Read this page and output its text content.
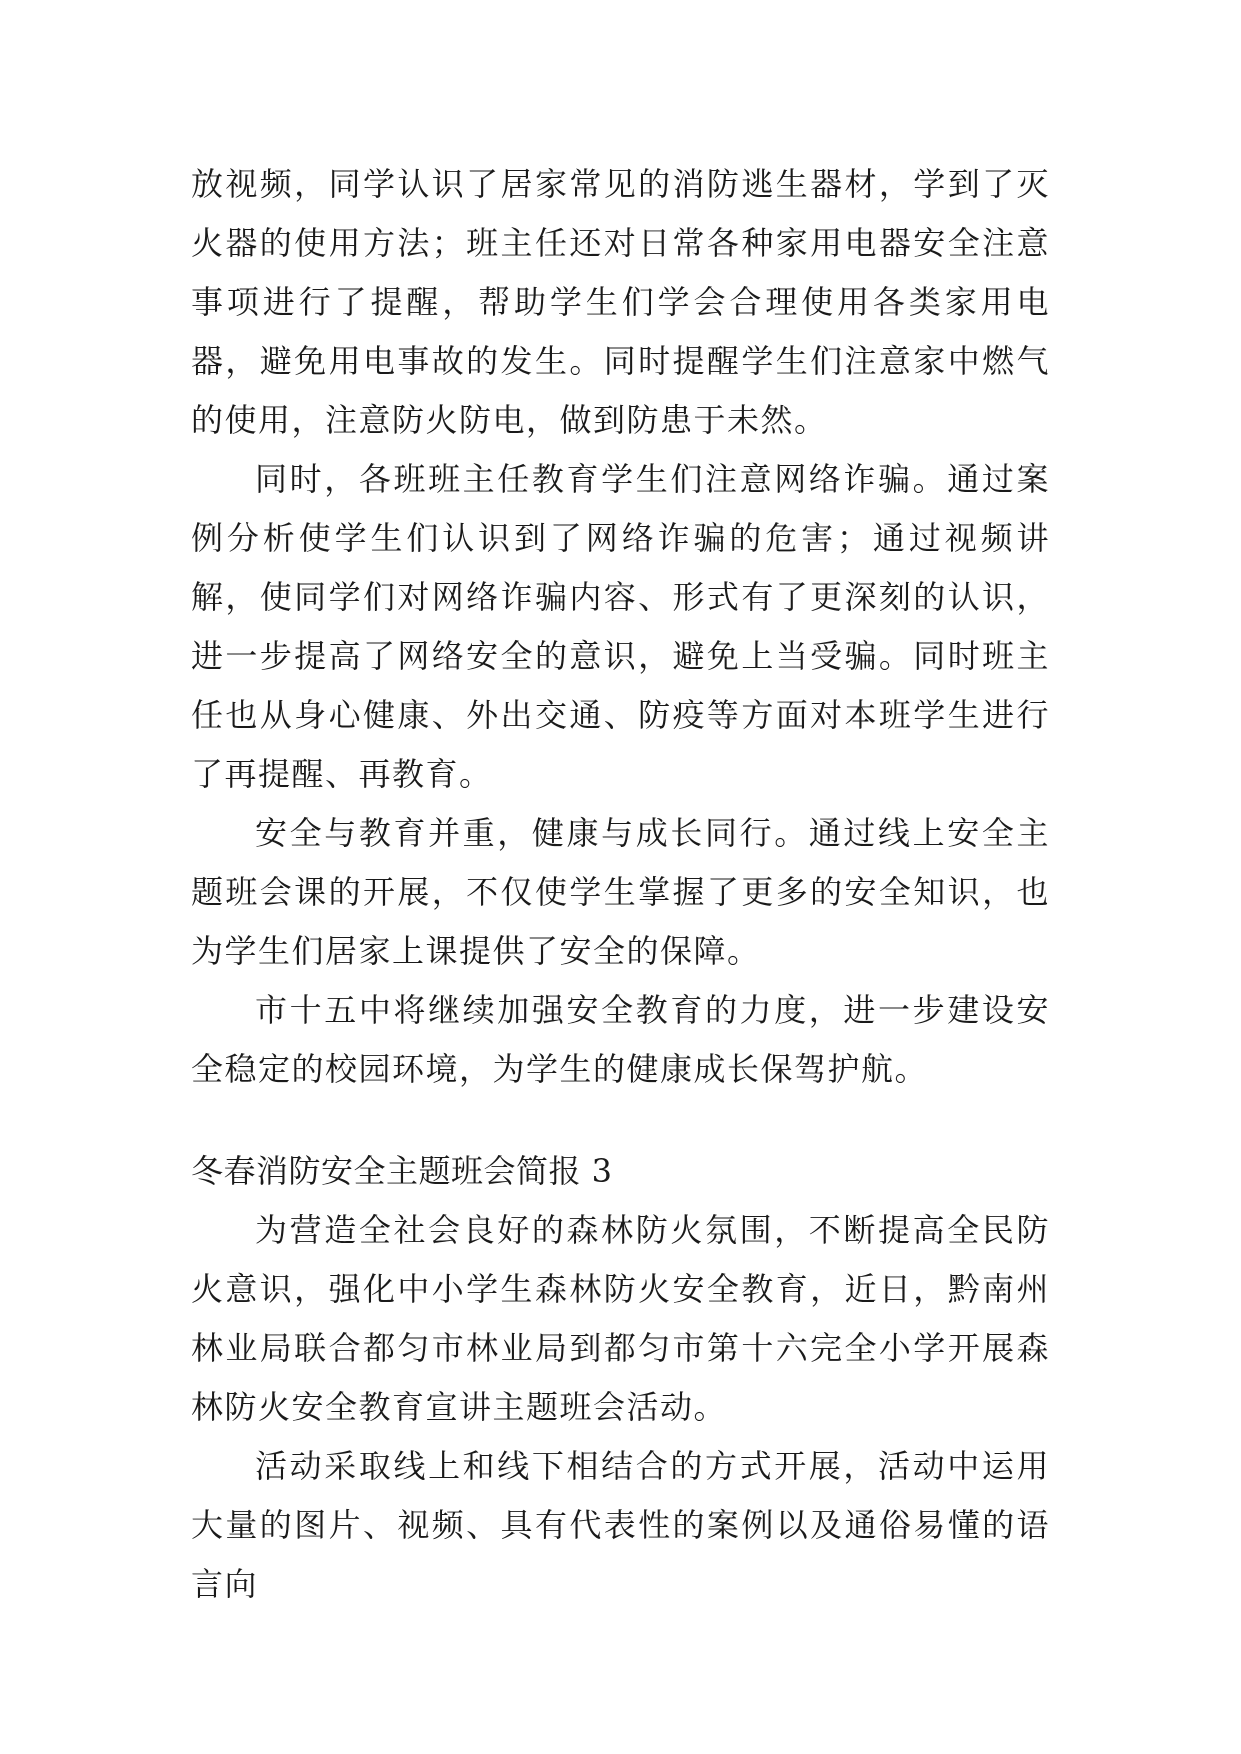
放视频，同学认识了居家常见的消防逃生器材，学到了灭火器的使用方法；班主任还对日常各种家用电器安全注意事项进行了提醒，帮助学生们学会合理使用各类家用电器，避免用电事故的发生。同时提醒学生们注意家中燃气的使用，注意防火防电，做到防患于未然。

同时，各班班主任教育学生们注意网络诈骗。通过案例分析使学生们认识到了网络诈骗的危害；通过视频讲解，使同学们对网络诈骗内容、形式有了更深刻的认识，进一步提高了网络安全的意识，避免上当受骗。同时班主任也从身心健康、外出交通、防疫等方面对本班学生进行了再提醒、再教育。

安全与教育并重，健康与成长同行。通过线上安全主题班会课的开展，不仅使学生掌握了更多的安全知识，也为学生们居家上课提供了安全的保障。

市十五中将继续加强安全教育的力度，进一步建设安全稳定的校园环境，为学生的健康成长保驾护航。

冬春消防安全主题班会简报 3

为营造全社会良好的森林防火氛围，不断提高全民防火意识，强化中小学生森林防火安全教育，近日，黔南州林业局联合都匀市林业局到都匀市第十六完全小学开展森林防火安全教育宣讲主题班会活动。

活动采取线上和线下相结合的方式开展，活动中运用大量的图片、视频、具有代表性的案例以及通俗易懂的语言向
